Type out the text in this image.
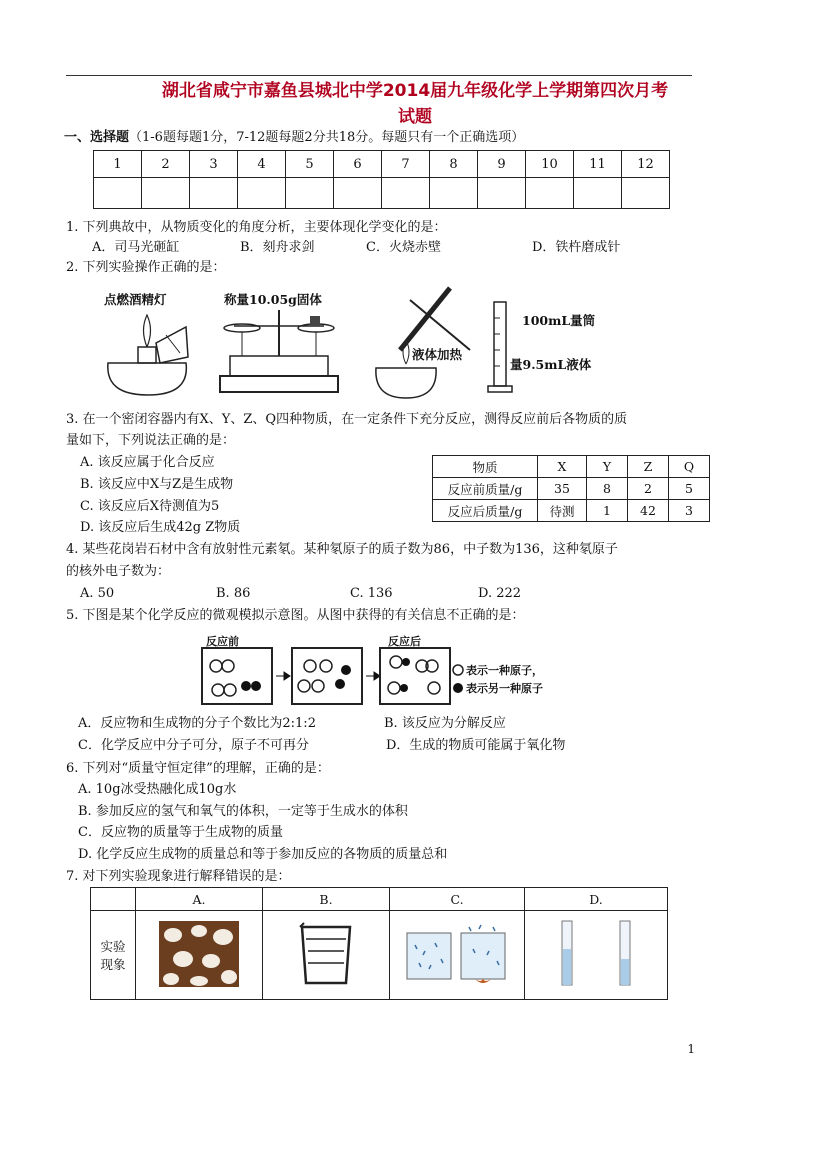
湖北省咸宁市嘉鱼县城北中学2014届九年级化学上学期第四次月考
试题
一、选择题（1-6题每题1分，7-12题每题2分共18分。每题只有一个正确选项）
1	2	3	4	5	6	7	8	9	10	11	12

1. 下列典故中，从物质变化的角度分析，主要体现化学变化的是：
A．司马光砸缸	B．刻舟求剑	C．火烧赤壁	D．铁杵磨成针
2. 下列实验操作正确的是：
点燃酒精灯	称量10.05g固体
液体加热
100mL量筒
量9.5mL液体
3. 在一个密闭容器内有X、Y、Z、Q四种物质，在一定条件下充分反应，测得反应前后各物质的质
量如下，下列说法正确的是：
A. 该反应属于化合反应
B. 该反应中X与Z是生成物
C. 该反应后X待测值为5
D. 该反应后生成42g Z物质
物质	X	Y	Z	Q
反应前质量/g	35	8	2	5
反应后质量/g	待测	1	42	3
4. 某些花岗岩石材中含有放射性元素氡。某种氡原子的质子数为86，中子数为136，这种氡原子
的核外电子数为：
A. 50	B. 86	C. 136	D. 222
5. 下图是某个化学反应的微观模拟示意图。从图中获得的有关信息不正确的是：
反应前	反应后
表示一种原子，
表示另一种原子
A．反应物和生成物的分子个数比为2:1:2	B. 该反应为分解反应
C．化学反应中分子可分，原子不可再分	D．生成的物质可能属于氧化物
6. 下列对“质量守恒定律”的理解，正确的是：
A. 10g冰受热融化成10g水
B. 参加反应的氢气和氧气的体积，一定等于生成水的体积
C．反应物的质量等于生成物的质量
D. 化学反应生成物的质量总和等于参加反应的各物质的质量总和
7. 对下列实验现象进行解释错误的是：
	A.	B.	C.	D.

实验
现象

1
